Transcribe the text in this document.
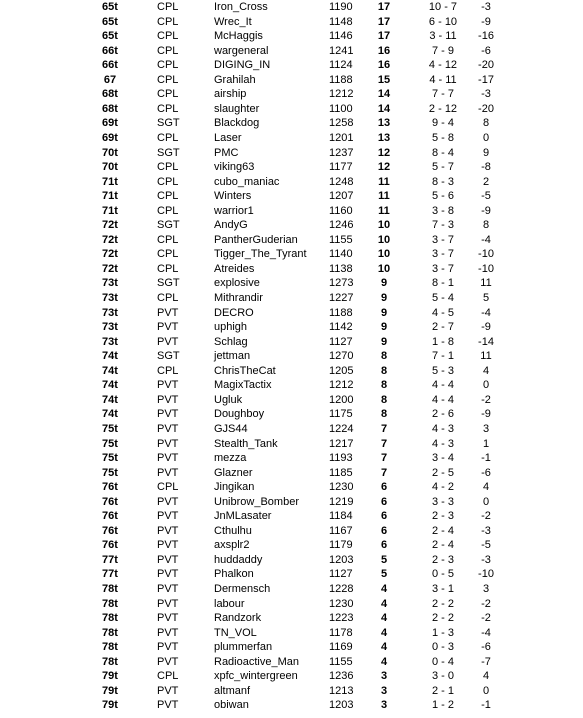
65t	CPL	Iron_Cross	1190	17	10 - 7	-3
65t	CPL	Wrec_It	1148	17	6 - 10	-9
65t	CPL	McHaggis	1146	17	3 - 11	-16
66t	CPL	wargeneral	1241	16	7 - 9	-6
66t	CPL	DIGING_IN	1124	16	4 - 12	-20
67	CPL	Grahilah	1188	15	4 - 11	-17
68t	CPL	airship	1212	14	7 - 7	-3
68t	CPL	slaughter	1100	14	2 - 12	-20
69t	SGT	Blackdog	1258	13	9 - 4	8
69t	CPL	Laser	1201	13	5 - 8	0
70t	SGT	PMC	1237	12	8 - 4	9
70t	CPL	viking63	1177	12	5 - 7	-8
71t	CPL	cubo_maniac	1248	11	8 - 3	2
71t	CPL	Winters	1207	11	5 - 6	-5
71t	CPL	warrior1	1160	11	3 - 8	-9
72t	SGT	AndyG	1246	10	7 - 3	8
72t	CPL	PantherGuderian	1155	10	3 - 7	-4
72t	CPL	Tigger_The_Tyrant 1140	10	3 - 7	-10
72t	CPL	Atreides	1138	10	3 - 7	-10
73t	SGT	explosive	1273	9	8 - 1	11
73t	CPL	Mithrandir	1227	9	5 - 4	5
73t	PVT	DECRO	1188	9	4 - 5	-4
73t	PVT	uphigh	1142	9	2 - 7	-9
73t	PVT	Schlag	1127	9	1 - 8	-14
74t	SGT	jettman	1270	8	7 - 1	11
74t	CPL	ChrisTheCat	1205	8	5 - 3	4
74t	PVT	MagixTactix	1212	8	4 - 4	0
74t	PVT	Ugluk	1200	8	4 - 4	-2
74t	PVT	Doughboy	1175	8	2 - 6	-9
75t	PVT	GJS44	1224	7	4 - 3	3
75t	PVT	Stealth_Tank	1217	7	4 - 3	1
75t	PVT	mezza	1193	7	3 - 4	-1
75t	PVT	Glazner	1185	7	2 - 5	-6
76t	CPL	Jingikan	1230	6	4 - 2	4
76t	PVT	Unibrow_Bomber	1219	6	3 - 3	0
76t	PVT	JnMLasater	1184	6	2 - 3	-2
76t	PVT	Cthulhu	1167	6	2 - 4	-3
76t	PVT	axsplr2	1179	6	2 - 4	-5
77t	PVT	huddaddy	1203	5	2 - 3	-3
77t	PVT	Phalkon	1127	5	0 - 5	-10
78t	PVT	Dermensch	1228	4	3 - 1	3
78t	PVT	labour	1230	4	2 - 2	-2
78t	PVT	Randzork	1223	4	2 - 2	-2
78t	PVT	TN_VOL	1178	4	1 - 3	-4
78t	PVT	plummerfan	1169	4	0 - 3	-6
78t	PVT	Radioactive_Man	1155	4	0 - 4	-7
79t	CPL	xpfc_wintergreen	1236	3	3 - 0	4
79t	PVT	altmanf	1213	3	2 - 1	0
79t	PVT	obiwan	1203	3	1 - 2	-1
